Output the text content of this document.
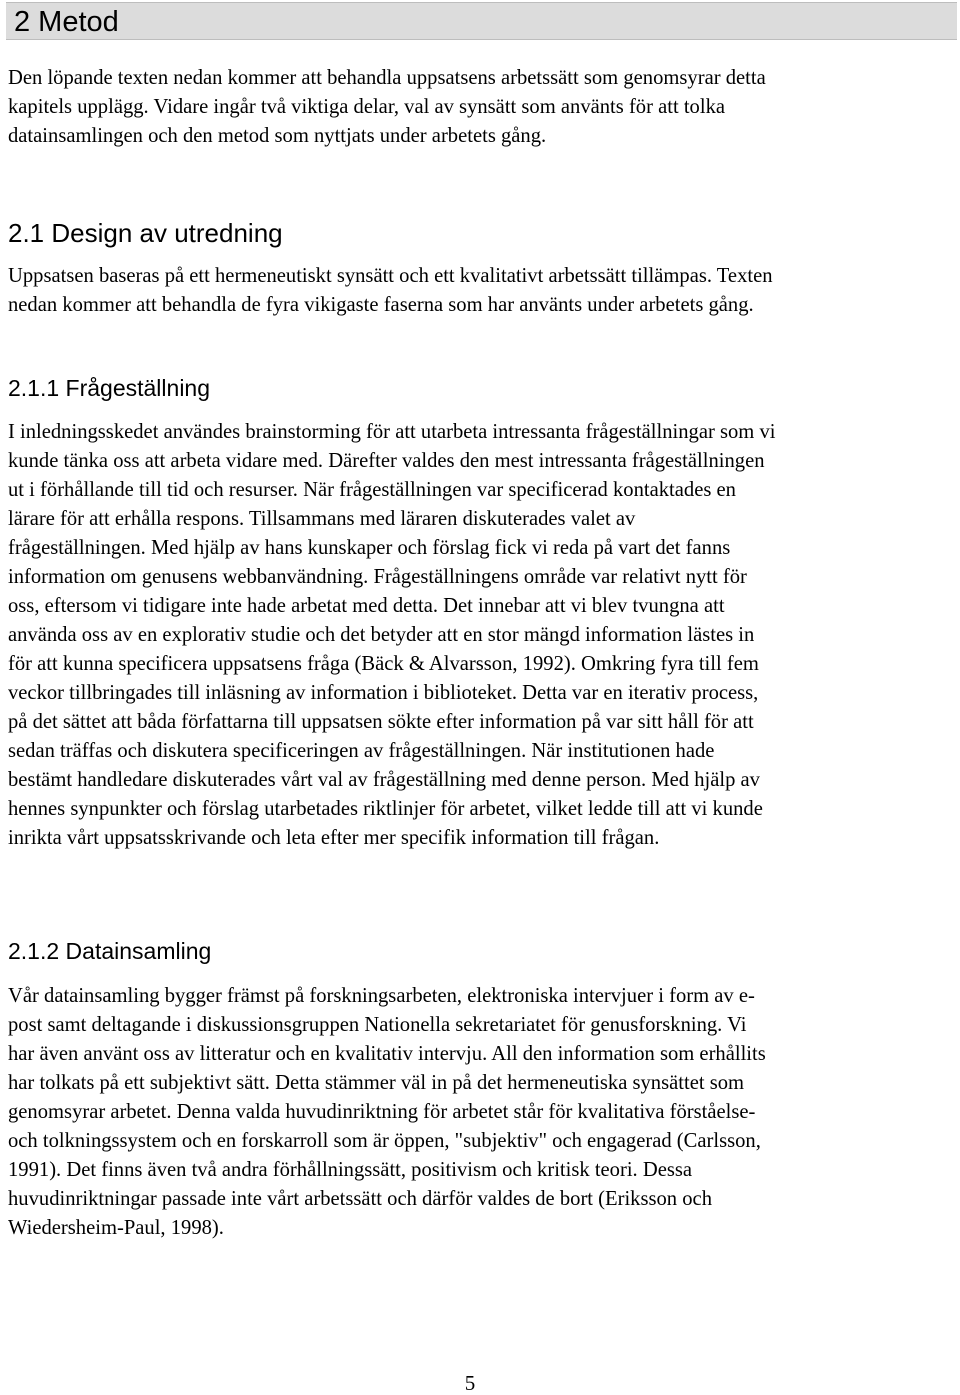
2 Metod
Den löpande texten nedan kommer att behandla uppsatsens arbetssätt som genomsyrar detta
kapitels upplägg. Vidare ingår två viktiga delar, val av synsätt som använts för att tolka
datainsamlingen och den metod som nyttjats under arbetets gång.
2.1 Design av utredning
Uppsatsen baseras på ett hermeneutiskt synsätt och ett kvalitativt arbetssätt tillämpas. Texten
nedan kommer att behandla de fyra vikigaste faserna som har använts under arbetets gång.
2.1.1 Frågeställning
I inledningsskedet användes brainstorming för att utarbeta intressanta frågeställningar som vi
kunde tänka oss att arbeta vidare med. Därefter valdes den mest intressanta frågeställningen
ut i förhållande till tid och resurser. När frågeställningen var specificerad kontaktades en
lärare för att erhålla respons. Tillsammans med läraren diskuterades valet av
frågeställningen. Med hjälp av hans kunskaper och förslag fick vi reda på vart det fanns
information om genusens webbanvändning. Frågeställningens område var relativt nytt för
oss, eftersom vi tidigare inte hade arbetat med detta. Det innebar att vi blev tvungna att
använda oss av en explorativ studie och det betyder att en stor mängd information lästes in
för att kunna specificera uppsatsens fråga (Bäck & Alvarsson, 1992). Omkring fyra till fem
veckor tillbringades till inläsning av information i biblioteket. Detta var en iterativ process,
på det sättet att båda författarna till uppsatsen sökte efter information på var sitt håll för att
sedan träffas och diskutera specificeringen av frågeställningen. När institutionen hade
bestämt handledare diskuterades vårt val av frågeställning med denne person. Med hjälp av
hennes synpunkter och förslag utarbetades riktlinjer för arbetet, vilket ledde till att vi kunde
inrikta vårt uppsatsskrivande och leta efter mer specifik information till frågan.
2.1.2 Datainsamling
Vår datainsamling bygger främst på forskningsarbeten, elektroniska intervjuer i form av e-
post samt deltagande i diskussionsgruppen Nationella sekretariatet för genusforskning. Vi
har även använt oss av litteratur och en kvalitativ intervju. All den information som erhållits
har tolkats på ett subjektivt sätt. Detta stämmer väl in på det hermeneutiska synsättet som
genomsyrar arbetet. Denna valda huvudinriktning för arbetet står för kvalitativa förståelse-
och tolkningssystem och en forskarroll som är öppen, "subjektiv" och engagerad (Carlsson,
1991). Det finns även två andra förhållningssätt, positivism och kritisk teori. Dessa
huvudinriktningar passade inte vårt arbetssätt och därför valdes de bort (Eriksson och
Wiedersheim-Paul, 1998).
5
